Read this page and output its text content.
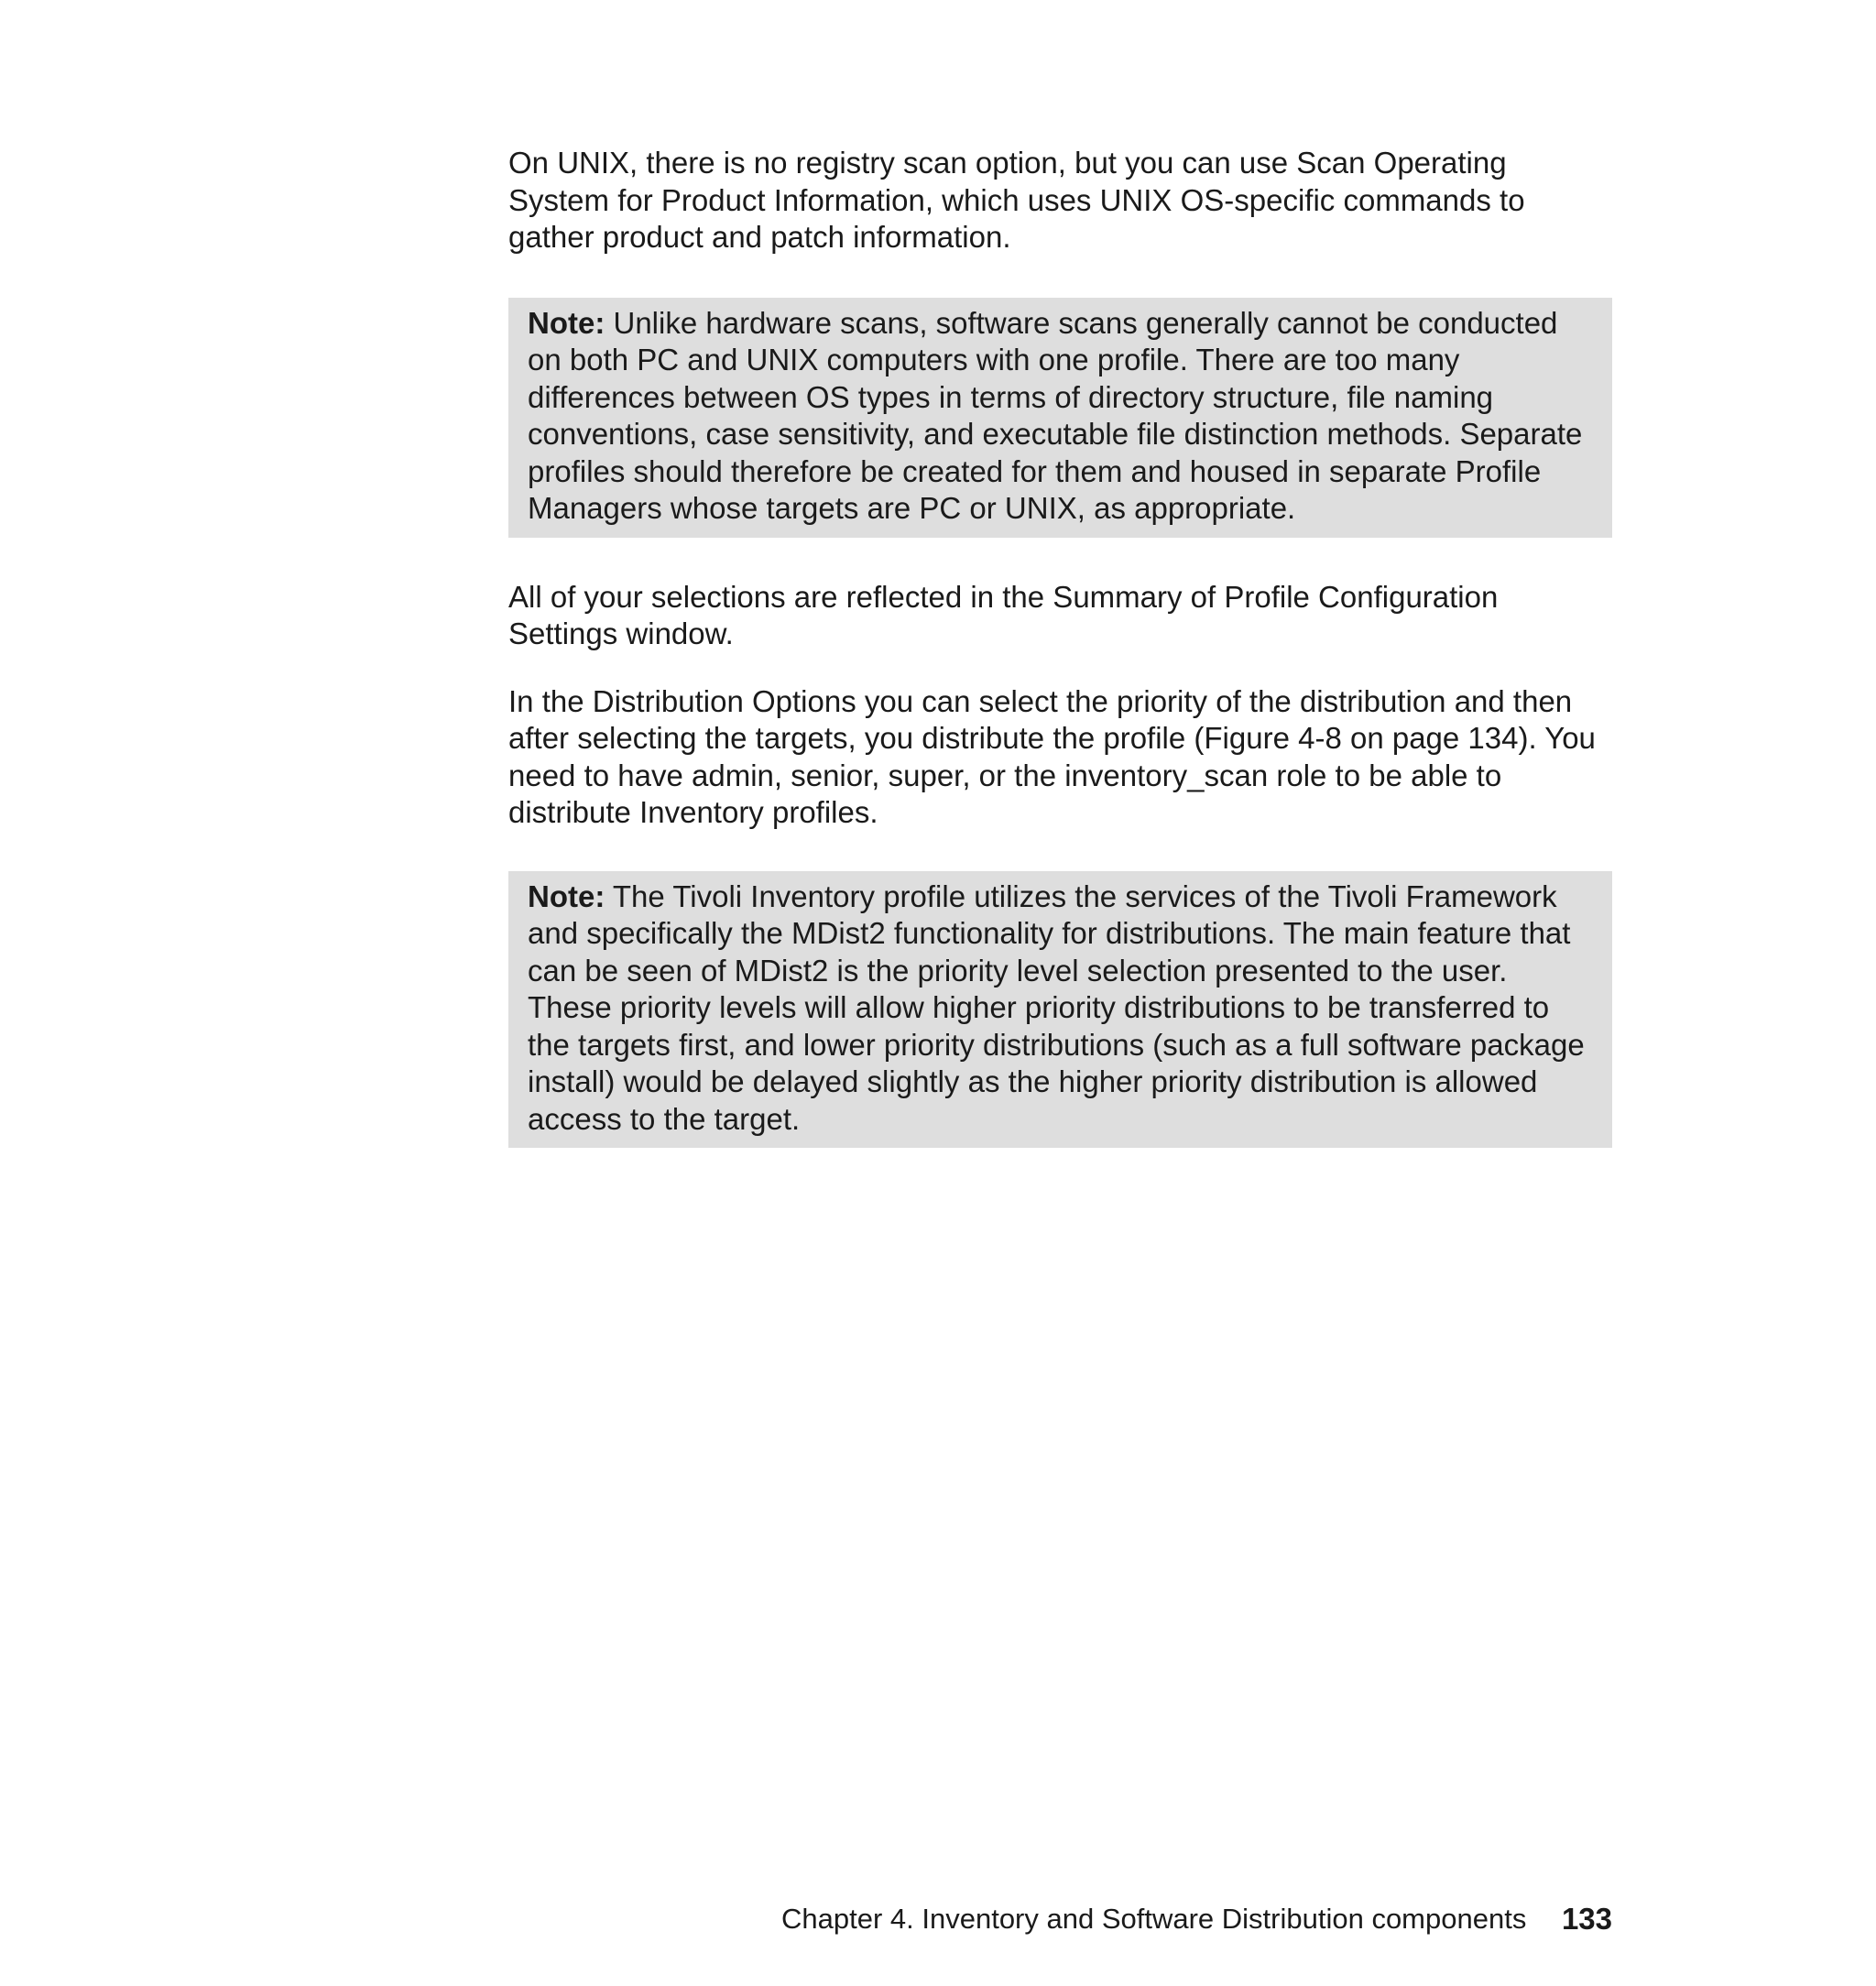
On UNIX, there is no registry scan option, but you can use Scan Operating System for Product Information, which uses UNIX OS-specific commands to gather product and patch information.

Note: Unlike hardware scans, software scans generally cannot be conducted on both PC and UNIX computers with one profile. There are too many differences between OS types in terms of directory structure, file naming conventions, case sensitivity, and executable file distinction methods. Separate profiles should therefore be created for them and housed in separate Profile Managers whose targets are PC or UNIX, as appropriate.

All of your selections are reflected in the Summary of Profile Configuration Settings window.

In the Distribution Options you can select the priority of the distribution and then after selecting the targets, you distribute the profile (Figure 4-8 on page 134). You need to have admin, senior, super, or the inventory_scan role to be able to distribute Inventory profiles.

Note: The Tivoli Inventory profile utilizes the services of the Tivoli Framework and specifically the MDist2 functionality for distributions. The main feature that can be seen of MDist2 is the priority level selection presented to the user. These priority levels will allow higher priority distributions to be transferred to the targets first, and lower priority distributions (such as a full software package install) would be delayed slightly as the higher priority distribution is allowed access to the target.
Chapter 4. Inventory and Software Distribution components 133
